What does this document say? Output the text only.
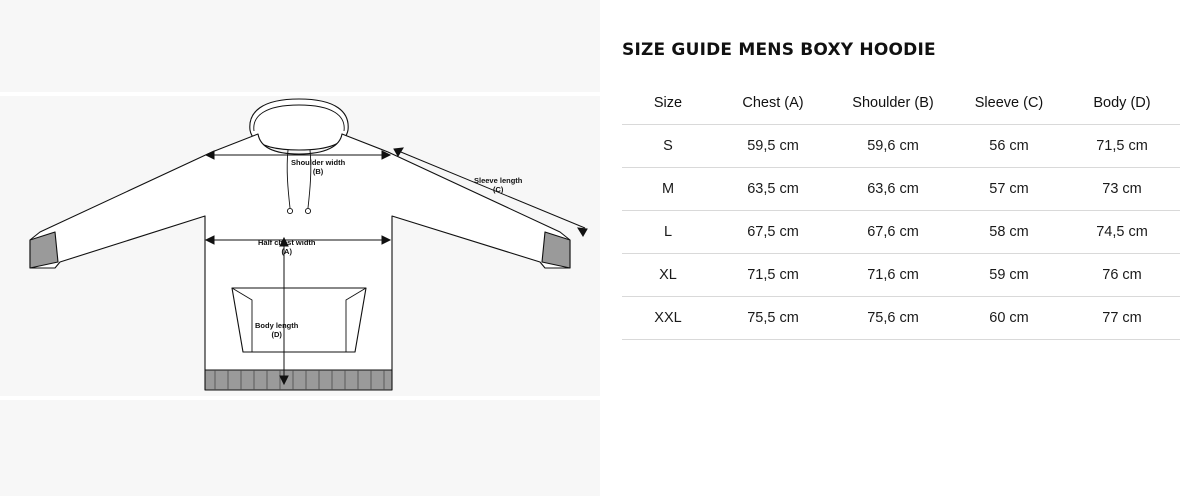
Shoulder width
(B)
Sleeve length
(C)
Half chest width
(A)
Body length
(D)
SIZE GUIDE MENS BOXY HOODIE
Size	Chest (A)	Shoulder (B)	Sleeve (C)	Body (D)
S	59,5 cm	59,6 cm	56 cm	71,5 cm
M	63,5 cm	63,6 cm	57 cm	73 cm
L	67,5 cm	67,6 cm	58 cm	74,5 cm
XL	71,5 cm	71,6 cm	59 cm	76 cm
XXL	75,5 cm	75,6 cm	60 cm	77 cm
